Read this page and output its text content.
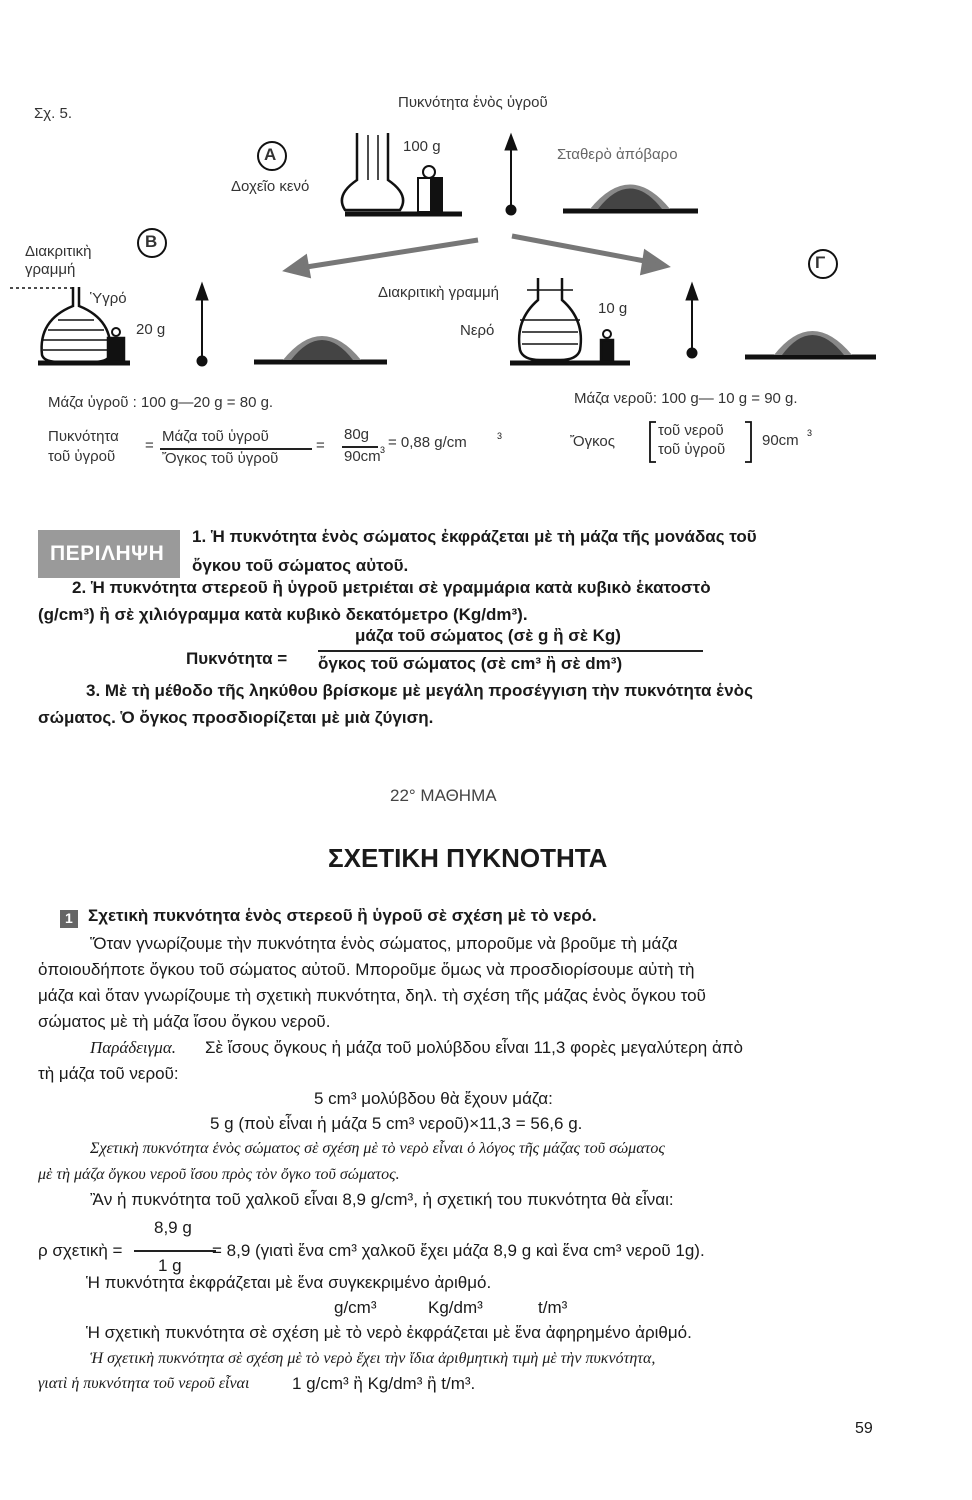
Σχ. 5.
Πυκνότητα ἑνὸς ὑγροῦ
A
Δοχεῖο κενό
100 g	Σταθερὸ ἀπόβαρο
Διακριτικὴ γραμμή
B
Ὑγρό
20 g
Διακριτικὴ γραμμή
Νερό
10 g
Γ
Μάζα ὑγροῦ : 100 g—20 g = 80 g.
Πυκνότητα
τοῦ ὑγροῦ
=
Μάζα τοῦ ὑγροῦ
Ὄγκος τοῦ ὑγροῦ
=
80g
90cm 3 = 0,88 g/cm	3
Μάζα νεροῦ: 100 g— 10 g = 90 g.
Ὄγκος
τοῦ νεροῦ
τοῦ ὑγροῦ
90cm 3
ΠΕΡΙΛΗΨΗ
1. Ἡ πυκνότητα ἑνὸς σώματος ἐκφράζεται μὲ τὴ μάζα τῆς μονάδας τοῦ
ὄγκου τοῦ σώματος αὐτοῦ.
2. Ἡ πυκνότητα στερεοῦ ἢ ὑγροῦ μετριέται σὲ γραμμάρια κατὰ κυβικὸ ἑκατοστὸ
(g/cm³) ἢ σὲ χιλιόγραμμα κατὰ κυβικὸ δεκατόμετρο (Kg/dm³).
Πυκνότητα =
μάζα τοῦ σώματος (σὲ g ἢ σὲ Kg)
ὄγκος τοῦ σώματος (σὲ cm³ ἢ σὲ dm³)
3. Μὲ τὴ μέθοδο τῆς ληκύθου βρίσκομε μὲ μεγάλη προσέγγιση τὴν πυκνότητα ἑνὸς
σώματος. Ὁ ὄγκος προσδιορίζεται μὲ μιὰ ζύγιση.
22° ΜΑΘΗΜΑ
ΣΧΕΤΙΚΗ ΠΥΚΝΟΤΗΤΑ
1 Σχετικὴ πυκνότητα ἑνὸς στερεοῦ ἢ ὑγροῦ σὲ σχέση μὲ τὸ νερό.
Ὅταν γνωρίζουμε τὴν πυκνότητα ἑνὸς σώματος, μποροῦμε νὰ βροῦμε τὴ μάζα
ὁποιουδήποτε ὄγκου τοῦ σώματος αὐτοῦ. Μποροῦμε ὅμως νὰ προσδιορίσουμε αὐτὴ τὴ
μάζα καὶ ὅταν γνωρίζουμε τὴ σχετικὴ πυκνότητα, δηλ. τὴ σχέση τῆς μάζας ἑνὸς ὄγκου τοῦ
σώματος μὲ τὴ μάζα ἴσου ὄγκου νεροῦ.
Παράδειγμα. Σὲ ἴσους ὄγκους ἡ μάζα τοῦ μολύβδου εἶναι 11,3 φορὲς μεγαλύτερη ἀπὸ
τὴ μάζα τοῦ νεροῦ:
5 cm³ μολύβδου θὰ ἔχουν μάζα:
5 g (ποὺ εἶναι ἡ μάζα 5 cm³ νεροῦ)×11,3 = 56,6 g.
Σχετικὴ πυκνότητα ἑνὸς σώματος σὲ σχέση μὲ τὸ νερὸ εἶναι ὁ λόγος τῆς μάζας τοῦ σώματος
μὲ τὴ μάζα ὄγκου νεροῦ ἴσου πρὸς τὸν ὄγκο τοῦ σώματος.
Ἂν ἡ πυκνότητα τοῦ χαλκοῦ εἶναι 8,9 g/cm³, ἡ σχετική του πυκνότητα θὰ εἶναι:
8,9 g
ρ σχετικὴ =	= 8,9 (γιατὶ ἕνα cm³ χαλκοῦ ἔχει μάζα 8,9 g καὶ ἕνα cm³ νεροῦ 1g).
1 g
Ἡ πυκνότητα ἐκφράζεται μὲ ἕνα συγκεκριμένο ἀριθμό.
g/cm³	Kg/dm³	t/m³
Ἡ σχετικὴ πυκνότητα σὲ σχέση μὲ τὸ νερὸ ἐκφράζεται μὲ ἕνα ἀφηρημένο ἀριθμό.
Ἡ σχετικὴ πυκνότητα σὲ σχέση μὲ τὸ νερὸ ἔχει τὴν ἴδια ἀριθμητικὴ τιμὴ μὲ τὴν πυκνότητα,
γιατὶ ἡ πυκνότητα τοῦ νεροῦ εἶναι	1 g/cm³ ἢ Kg/dm³ ἢ t/m³.
59
